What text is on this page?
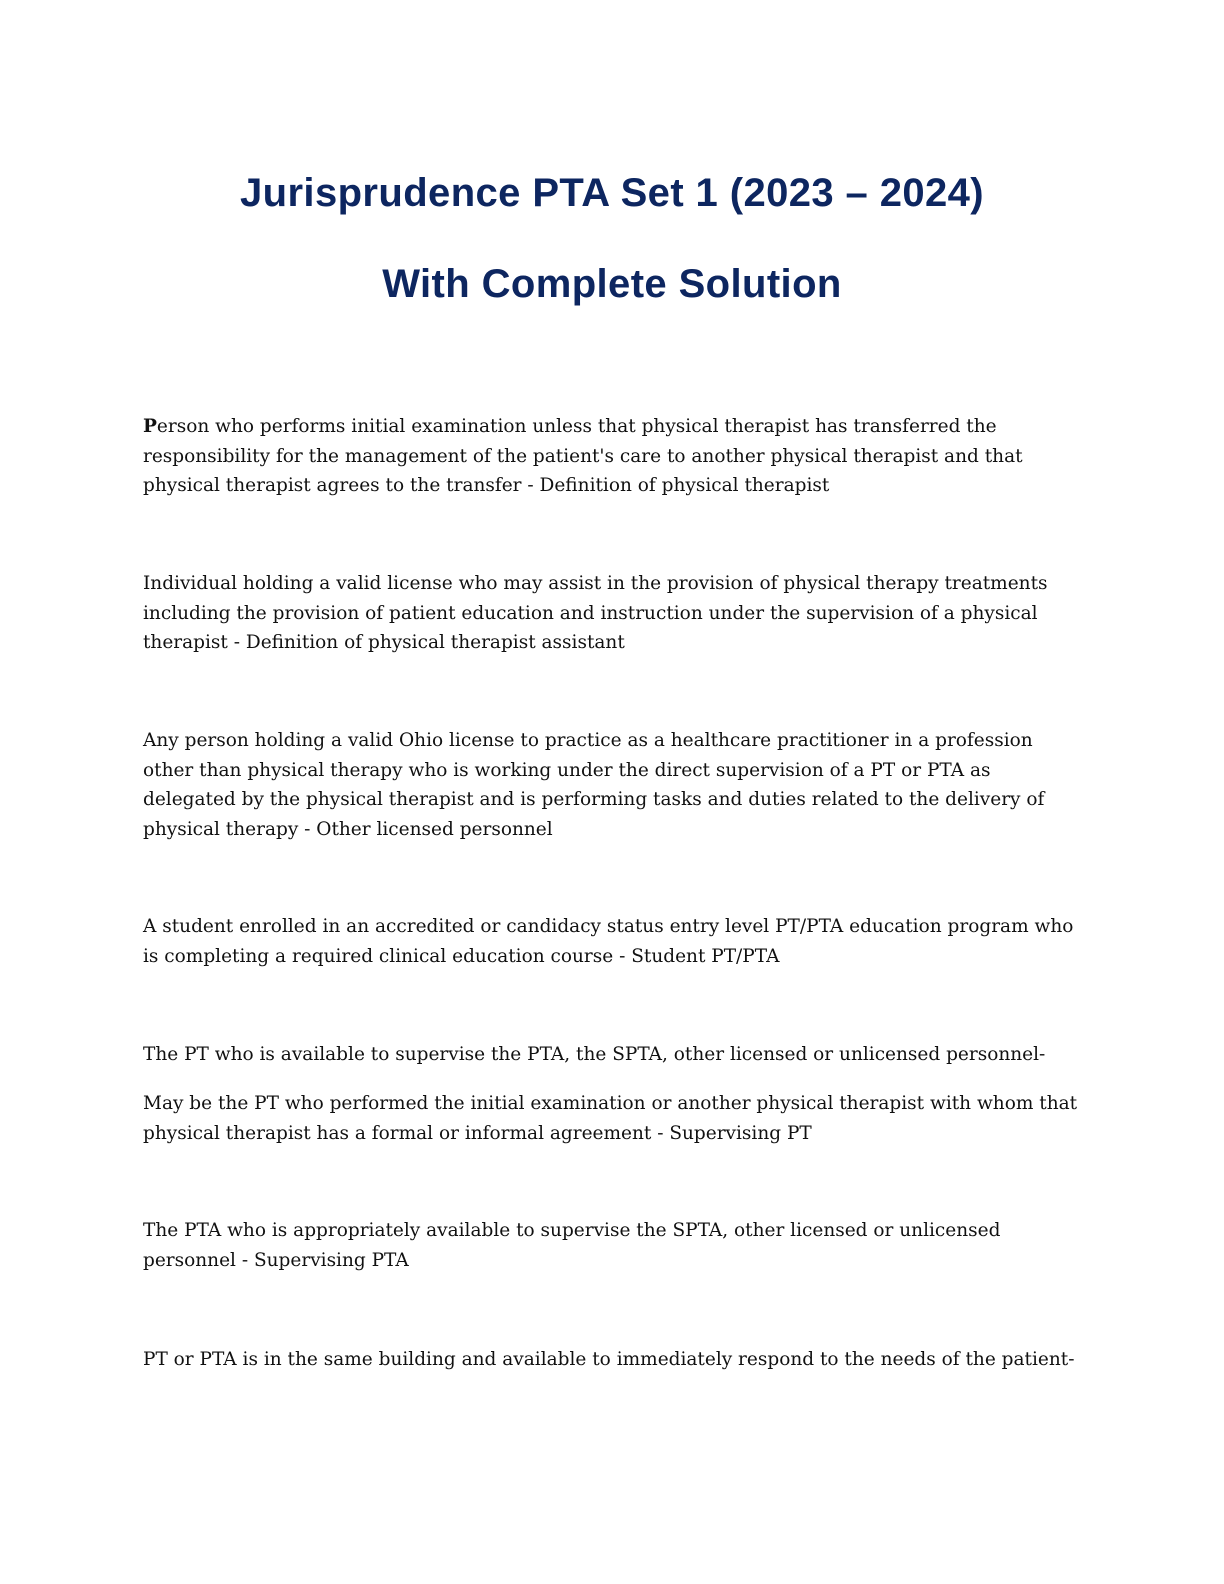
Jurisprudence PTA Set 1 (2023 – 2024)
With Complete Solution

Person who performs initial examination unless that physical therapist has transferred the responsibility for the management of the patient's care to another physical therapist and that physical therapist agrees to the transfer - Definition of physical therapist

Individual holding a valid license who may assist in the provision of physical therapy treatments including the provision of patient education and instruction under the supervision of a physical therapist - Definition of physical therapist assistant

Any person holding a valid Ohio license to practice as a healthcare practitioner in a profession other than physical therapy who is working under the direct supervision of a PT or PTA as delegated by the physical therapist and is performing tasks and duties related to the delivery of physical therapy - Other licensed personnel

A student enrolled in an accredited or candidacy status entry level PT/PTA education program who is completing a required clinical education course - Student PT/PTA

The PT who is available to supervise the PTA, the SPTA, other licensed or unlicensed personnel-

May be the PT who performed the initial examination or another physical therapist with whom that physical therapist has a formal or informal agreement - Supervising PT

The PTA who is appropriately available to supervise the SPTA, other licensed or unlicensed personnel - Supervising PTA

PT or PTA is in the same building and available to immediately respond to the needs of the patient-
